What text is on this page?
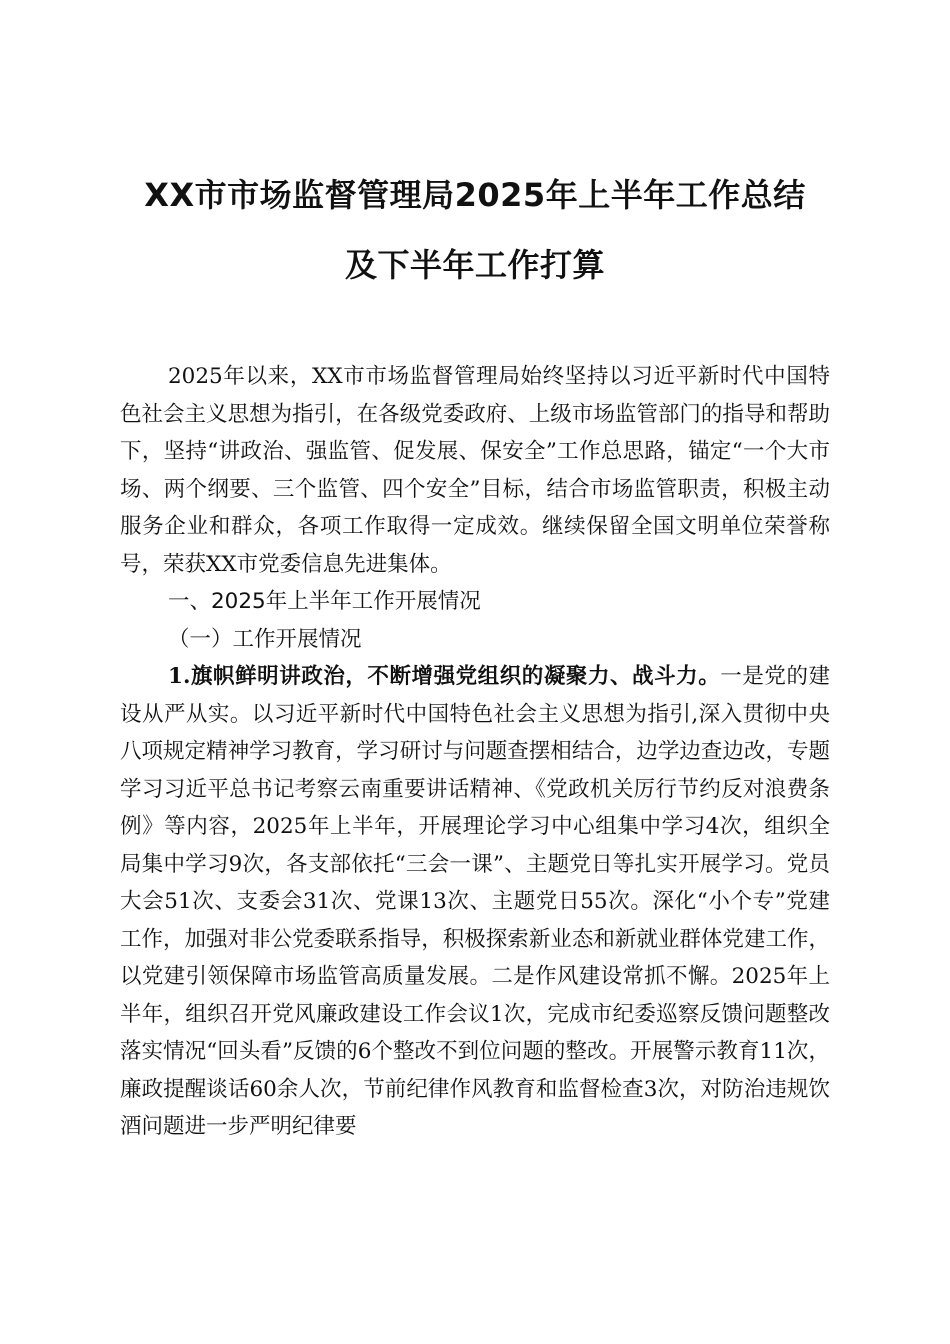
XX市市场监督管理局2025年上半年工作总结
及下半年工作打算

2025年以来，XX市市场监督管理局始终坚持以习近平新时代中国特色社会主义思想为指引，在各级党委政府、上级市场监管部门的指导和帮助下，坚持“讲政治、强监管、促发展、保安全”工作总思路，锚定“一个大市场、两个纲要、三个监管、四个安全”目标，结合市场监管职责，积极主动服务企业和群众，各项工作取得一定成效。继续保留全国文明单位荣誉称号，荣获XX市党委信息先进集体。

一、2025年上半年工作开展情况

（一）工作开展情况

1.旗帜鲜明讲政治，不断增强党组织的凝聚力、战斗力。一是党的建设从严从实。以习近平新时代中国特色社会主义思想为指引,深入贯彻中央八项规定精神学习教育，学习研讨与问题查摆相结合，边学边查边改，专题学习习近平总书记考察云南重要讲话精神、《党政机关厉行节约反对浪费条例》等内容，2025年上半年，开展理论学习中心组集中学习4次，组织全局集中学习9次，各支部依托“三会一课”、主题党日等扎实开展学习。党员大会51次、支委会31次、党课13次、主题党日55次。深化“小个专”党建工作，加强对非公党委联系指导，积极探索新业态和新就业群体党建工作，以党建引领保障市场监管高质量发展。二是作风建设常抓不懈。2025年上半年，组织召开党风廉政建设工作会议1次，完成市纪委巡察反馈问题整改落实情况“回头看”反馈的6个整改不到位问题的整改。开展警示教育11次，廉政提醒谈话60余人次，节前纪律作风教育和监督检查3次，对防治违规饮酒问题进一步严明纪律要
